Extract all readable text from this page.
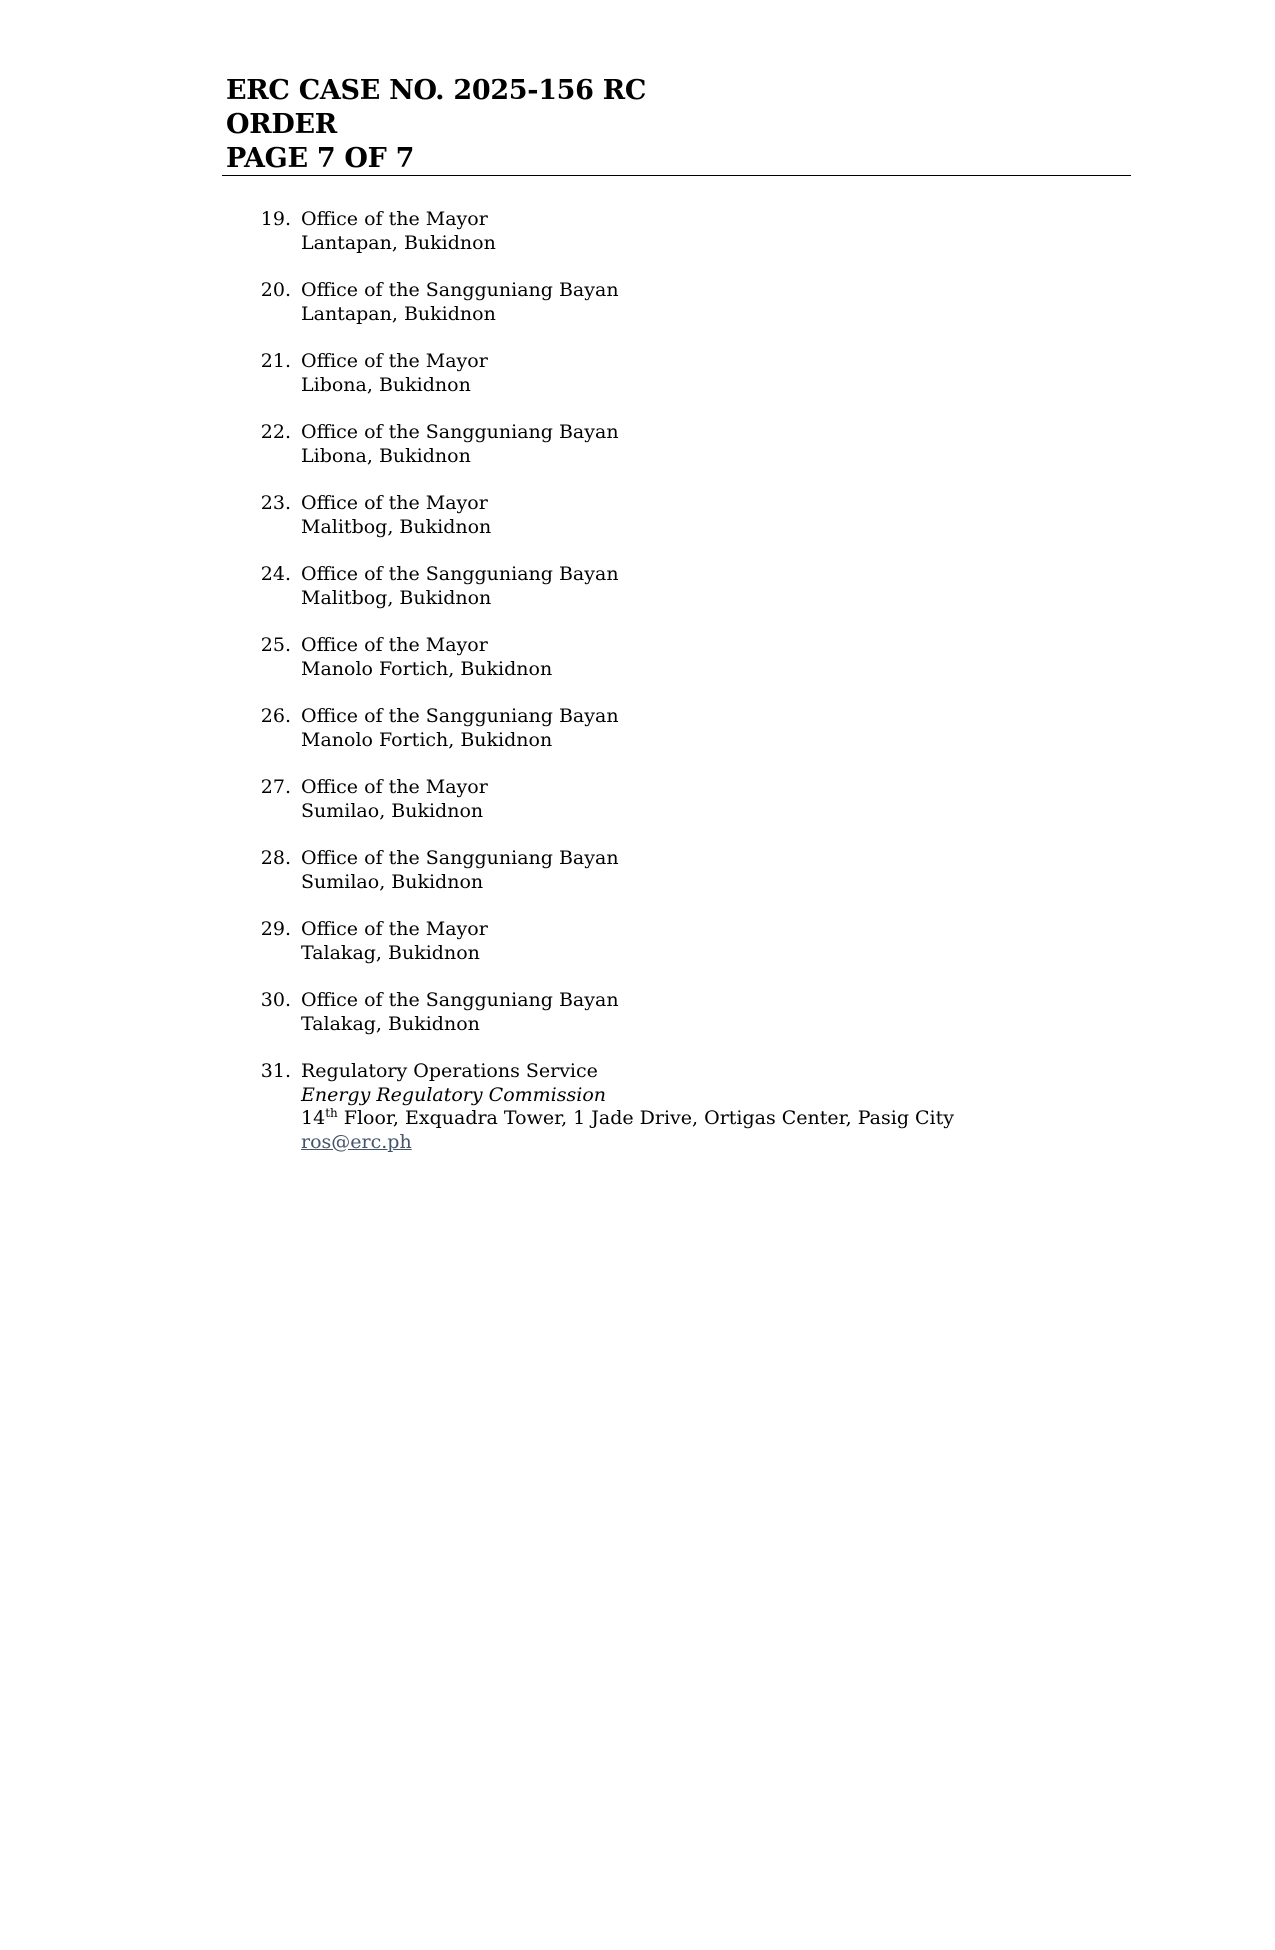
ERC CASE NO. 2025-156 RC

ORDER

PAGE 7 OF 7

19. Office of the Mayor
Lantapan, Bukidnon
20. Office of the Sangguniang Bayan
Lantapan, Bukidnon
21. Office of the Mayor
Libona, Bukidnon
22. Office of the Sangguniang Bayan
Libona, Bukidnon
23. Office of the Mayor
Malitbog, Bukidnon
24. Office of the Sangguniang Bayan
Malitbog, Bukidnon
25. Office of the Mayor
Manolo Fortich, Bukidnon
26. Office of the Sangguniang Bayan
Manolo Fortich, Bukidnon
27. Office of the Mayor
Sumilao, Bukidnon
28. Office of the Sangguniang Bayan
Sumilao, Bukidnon
29. Office of the Mayor
Talakag, Bukidnon
30. Office of the Sangguniang Bayan
Talakag, Bukidnon
31. Regulatory Operations Service
Energy Regulatory Commission
14th Floor, Exquadra Tower, 1 Jade Drive, Ortigas Center, Pasig City
ros@erc.ph
